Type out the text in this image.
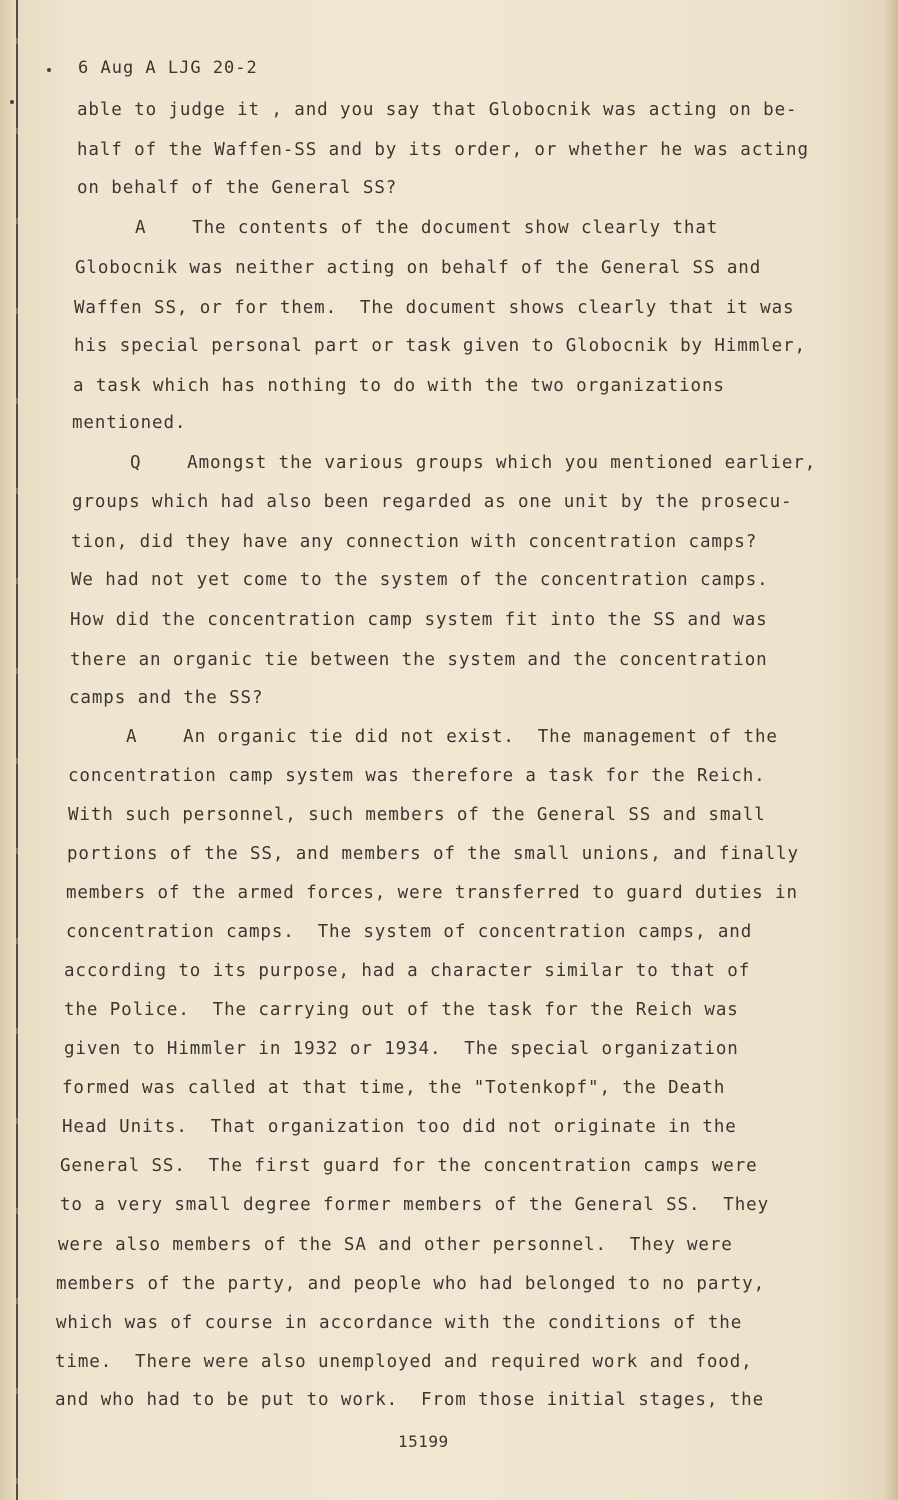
6 Aug A LJG 20-2
able to judge it , and you say that Globocnik was acting on be-
half of the Waffen-SS and by its order, or whether he was acting
on behalf of the General SS?
A    The contents of the document show clearly that
Globocnik was neither acting on behalf of the General SS and
Waffen SS, or for them.  The document shows clearly that it was
his special personal part or task given to Globocnik by Himmler,
a task which has nothing to do with the two organizations
mentioned.
Q    Amongst the various groups which you mentioned earlier,
groups which had also been regarded as one unit by the prosecu-
tion, did they have any connection with concentration camps?
We had not yet come to the system of the concentration camps.
How did the concentration camp system fit into the SS and was
there an organic tie between the system and the concentration
camps and the SS?
A    An organic tie did not exist.  The management of the
concentration camp system was therefore a task for the Reich.
With such personnel, such members of the General SS and small
portions of the SS, and members of the small unions, and finally
members of the armed forces, were transferred to guard duties in
concentration camps.  The system of concentration camps, and
according to its purpose, had a character similar to that of
the Police.  The carrying out of the task for the Reich was
given to Himmler in 1932 or 1934.  The special organization
formed was called at that time, the "Totenkopf", the Death
Head Units.  That organization too did not originate in the
General SS.  The first guard for the concentration camps were
to a very small degree former members of the General SS.  They
were also members of the SA and other personnel.  They were
members of the party, and people who had belonged to no party,
which was of course in accordance with the conditions of the
time.  There were also unemployed and required work and food,
and who had to be put to work.  From those initial stages, the
15199
